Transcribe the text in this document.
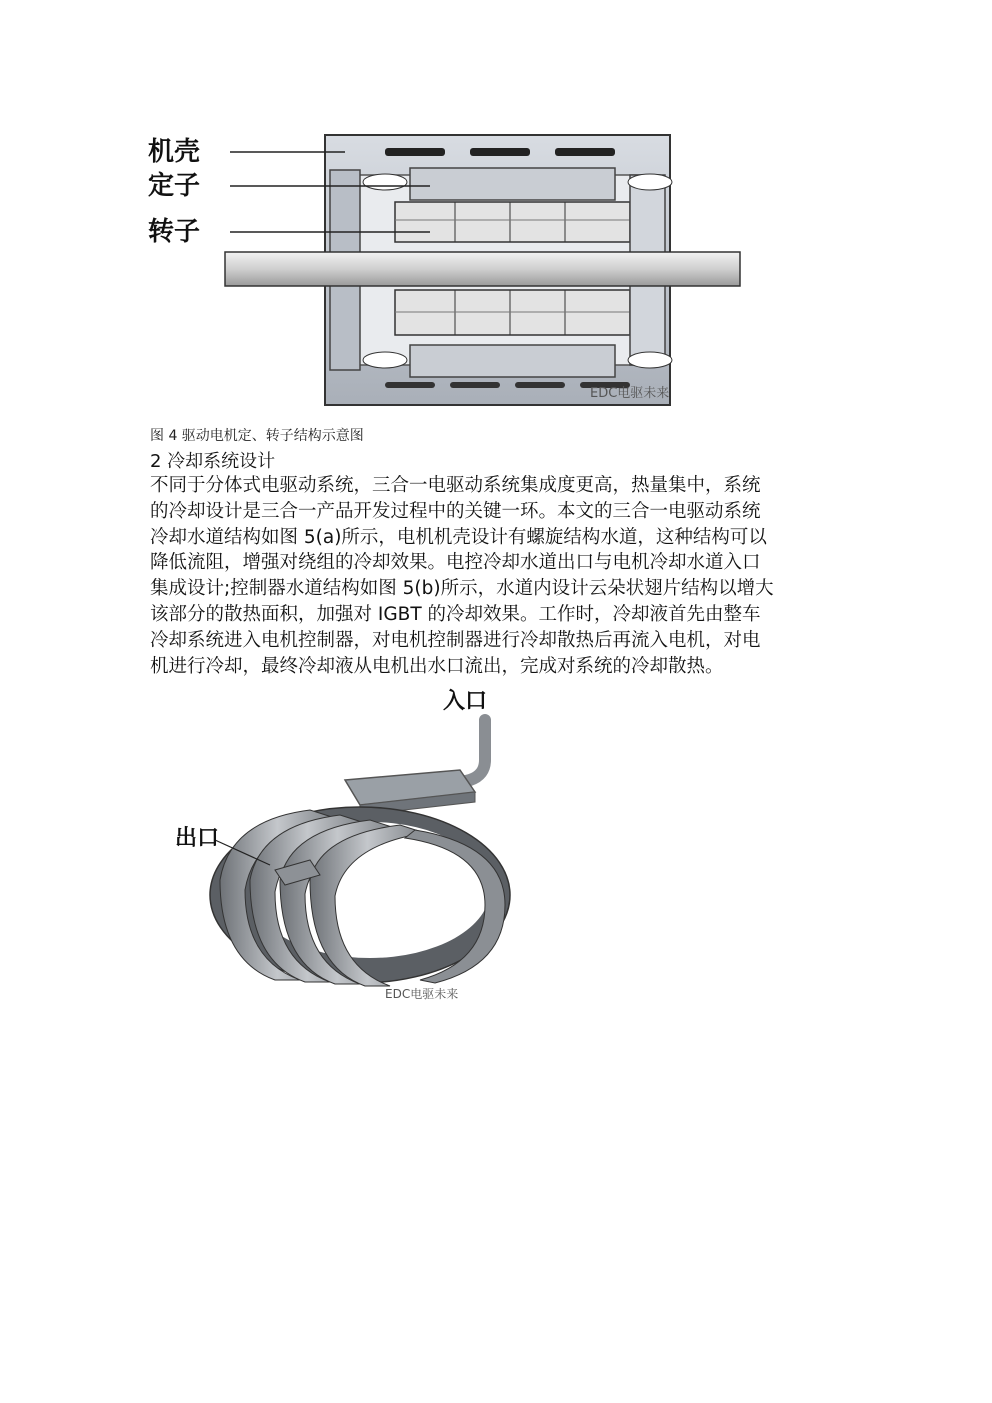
机壳
定子
转子
EDC电驱未来
图 4 驱动电机定、转子结构示意图
2 冷却系统设计
不同于分体式电驱动系统，三合一电驱动系统集成度更高，热量集中，系统
的冷却设计是三合一产品开发过程中的关键一环。本文的三合一电驱动系统
冷却水道结构如图 5(a)所示，电机机壳设计有螺旋结构水道，这种结构可以
降低流阻，增强对绕组的冷却效果。电控冷却水道出口与电机冷却水道入口
集成设计;控制器水道结构如图 5(b)所示，水道内设计云朵状翅片结构以增大
该部分的散热面积，加强对 IGBT 的冷却效果。工作时，冷却液首先由整车
冷却系统进入电机控制器，对电机控制器进行冷却散热后再流入电机，对电
机进行冷却，最终冷却液从电机出水口流出，完成对系统的冷却散热。
入口
出口
EDC电驱未来
